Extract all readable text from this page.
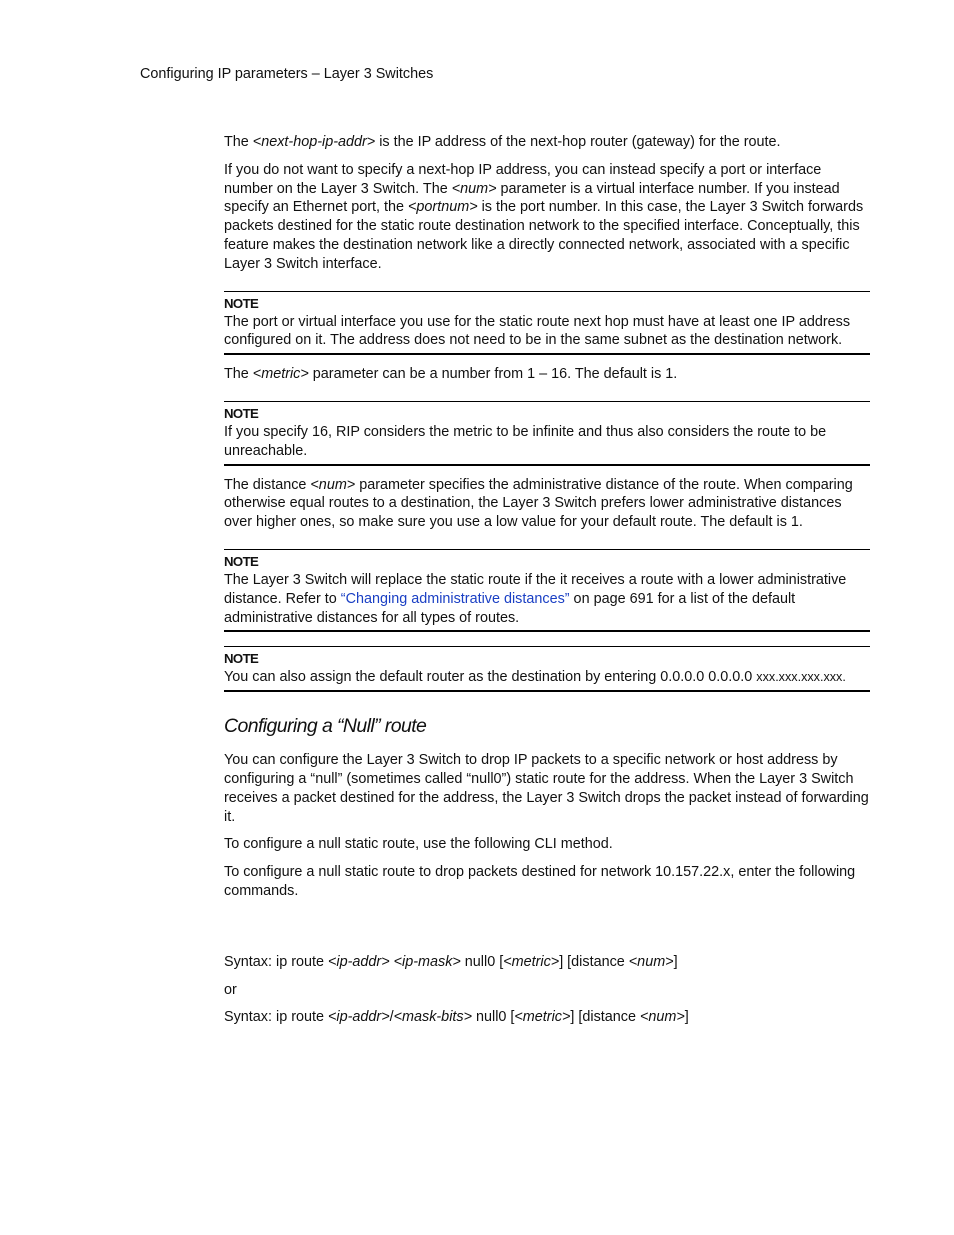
Configuring IP parameters – Layer 3 Switches

The <next-hop-ip-addr> is the IP address of the next-hop router (gateway) for the route.

If you do not want to specify a next-hop IP address, you can instead specify a port or interface number on the Layer 3 Switch. The <num> parameter is a virtual interface number. If you instead specify an Ethernet port, the <portnum> is the port number. In this case, the Layer 3 Switch forwards packets destined for the static route destination network to the specified interface. Conceptually, this feature makes the destination network like a directly connected network, associated with a specific Layer 3 Switch interface.

NOTE
The port or virtual interface you use for the static route next hop must have at least one IP address configured on it. The address does not need to be in the same subnet as the destination network.

The <metric> parameter can be a number from 1 – 16. The default is 1.

NOTE
If you specify 16, RIP considers the metric to be infinite and thus also considers the route to be unreachable.

The distance <num> parameter specifies the administrative distance of the route. When comparing otherwise equal routes to a destination, the Layer 3 Switch prefers lower administrative distances over higher ones, so make sure you use a low value for your default route. The default is 1.

NOTE
The Layer 3 Switch will replace the static route if the it receives a route with a lower administrative distance. Refer to “Changing administrative distances” on page 691 for a list of the default administrative distances for all types of routes.
NOTE
You can also assign the default router as the destination by entering 0.0.0.0 0.0.0.0 xxx.xxx.xxx.xxx.
Configuring a “Null” route

You can configure the Layer 3 Switch to drop IP packets to a specific network or host address by configuring a “null” (sometimes called “null0”) static route for the address. When the Layer 3 Switch receives a packet destined for the address, the Layer 3 Switch drops the packet instead of forwarding it.

To configure a null static route, use the following CLI method.

To configure a null static route to drop packets destined for network 10.157.22.x, enter the following commands.

Syntax: ip route <ip-addr> <ip-mask> null0 [<metric>] [distance <num>]

or

Syntax: ip route <ip-addr>/<mask-bits> null0 [<metric>] [distance <num>]
